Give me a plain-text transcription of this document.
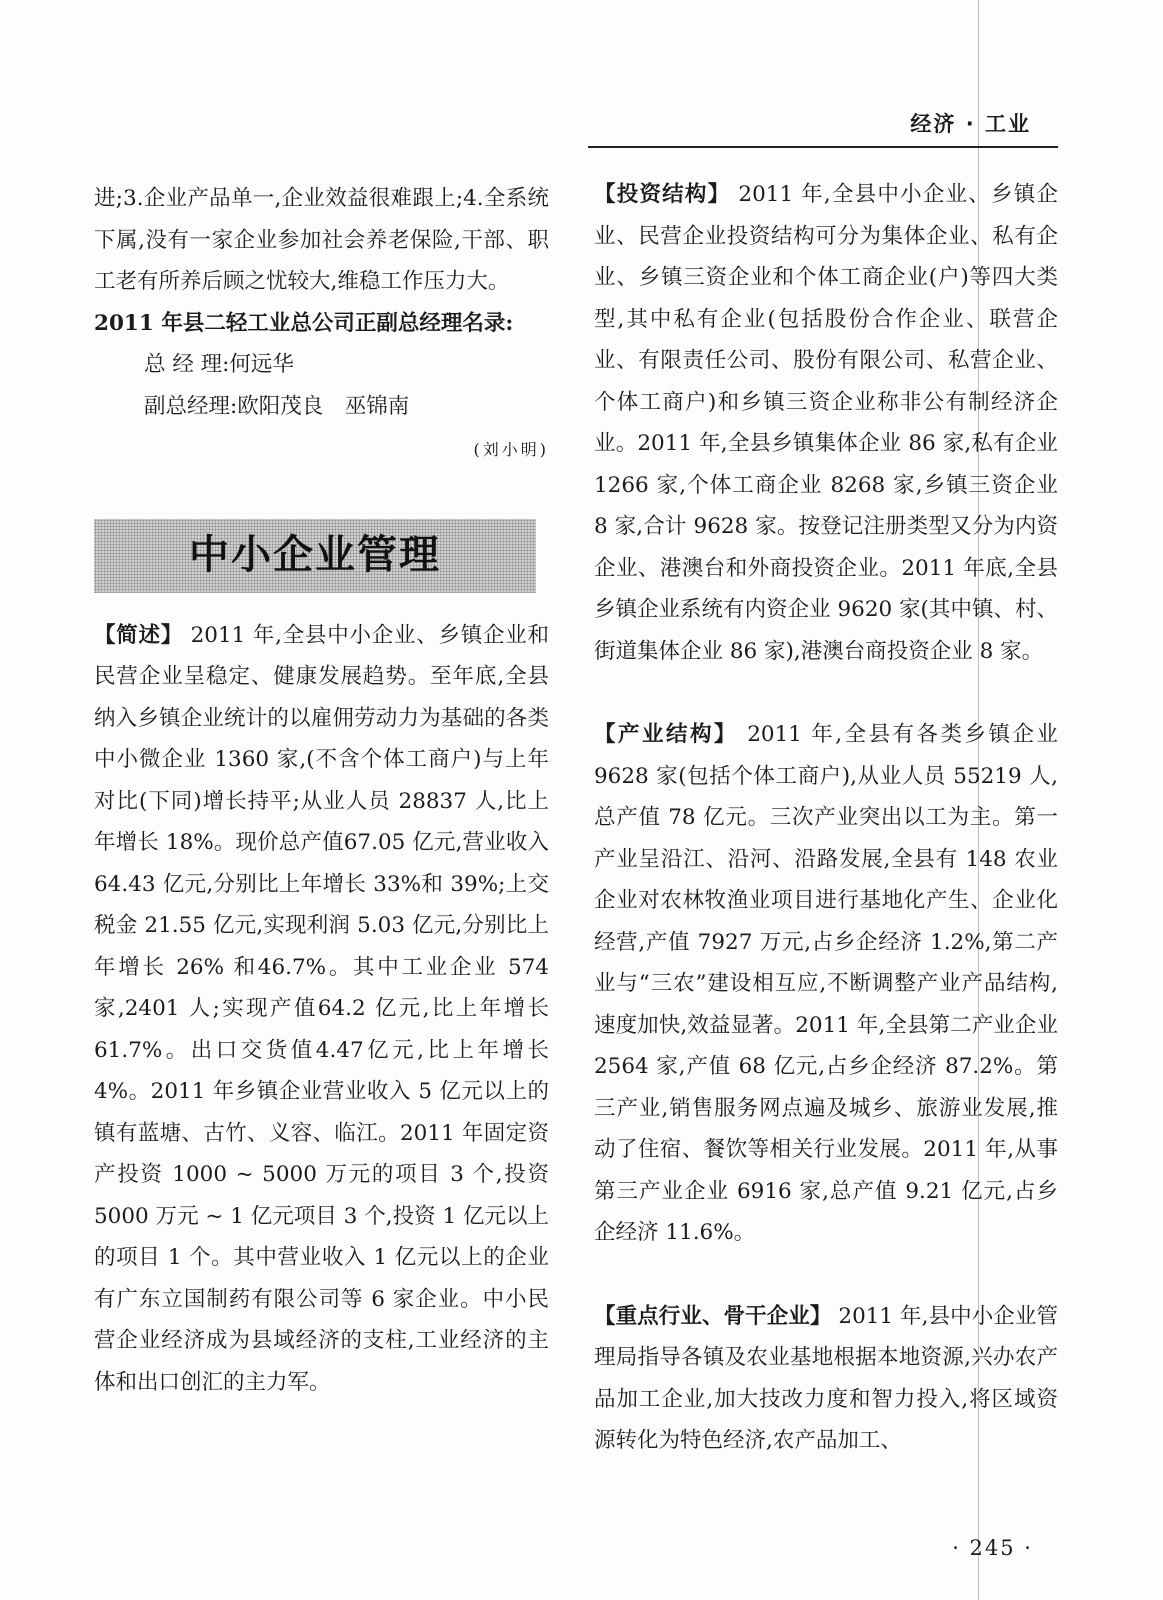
经济 · 工业

进;3.企业产品单一,企业效益很难跟上;4.全系统下属,没有一家企业参加社会养老保险,干部、职工老有所养后顾之忧较大,维稳工作压力大。

2011 年县二轻工业总公司正副总经理名录:

总 经 理:何远华

副总经理:欧阳茂良　巫锦南

(刘小明)

中小企业管理

【简述】 2011 年,全县中小企业、乡镇企业和民营企业呈稳定、健康发展趋势。至年底,全县纳入乡镇企业统计的以雇佣劳动力为基础的各类中小微企业 1360 家,(不含个体工商户)与上年对比(下同)增长持平;从业人员 28837 人,比上年增长 18%。现价总产值67.05 亿元,营业收入 64.43 亿元,分别比上年增长 33%和 39%;上交税金 21.55 亿元,实现利润 5.03 亿元,分别比上年增长 26% 和46.7%。其中工业企业 574 家,2401 人;实现产值64.2 亿元,比上年增长 61.7%。出口交货值4.47亿元,比上年增长 4%。2011 年乡镇企业营业收入 5 亿元以上的镇有蓝塘、古竹、义容、临江。2011 年固定资产投资 1000 ~ 5000 万元的项目 3 个,投资 5000 万元 ~ 1 亿元项目 3 个,投资 1 亿元以上的项目 1 个。其中营业收入 1 亿元以上的企业有广东立国制药有限公司等 6 家企业。中小民营企业经济成为县域经济的支柱,工业经济的主体和出口创汇的主力军。

【投资结构】 2011 年,全县中小企业、乡镇企业、民营企业投资结构可分为集体企业、私有企业、乡镇三资企业和个体工商企业(户)等四大类型,其中私有企业(包括股份合作企业、联营企业、有限责任公司、股份有限公司、私营企业、个体工商户)和乡镇三资企业称非公有制经济企业。2011 年,全县乡镇集体企业 86 家,私有企业 1266 家,个体工商企业 8268 家,乡镇三资企业 8 家,合计 9628 家。按登记注册类型又分为内资企业、港澳台和外商投资企业。2011 年底,全县乡镇企业系统有内资企业 9620 家(其中镇、村、街道集体企业 86 家),港澳台商投资企业 8 家。

【产业结构】 2011 年,全县有各类乡镇企业 9628 家(包括个体工商户),从业人员 55219 人,总产值 78 亿元。三次产业突出以工为主。第一产业呈沿江、沿河、沿路发展,全县有 148 农业企业对农林牧渔业项目进行基地化产生、企业化经营,产值 7927 万元,占乡企经济 1.2%,第二产业与“三农”建设相互应,不断调整产业产品结构,速度加快,效益显著。2011 年,全县第二产业企业 2564 家,产值 68 亿元,占乡企经济 87.2%。第三产业,销售服务网点遍及城乡、旅游业发展,推动了住宿、餐饮等相关行业发展。2011 年,从事第三产业企业 6916 家,总产值 9.21 亿元,占乡企经济 11.6%。

【重点行业、骨干企业】 2011 年,县中小企业管理局指导各镇及农业基地根据本地资源,兴办农产品加工企业,加大技改力度和智力投入,将区域资源转化为特色经济,农产品加工、

· 245 ·
